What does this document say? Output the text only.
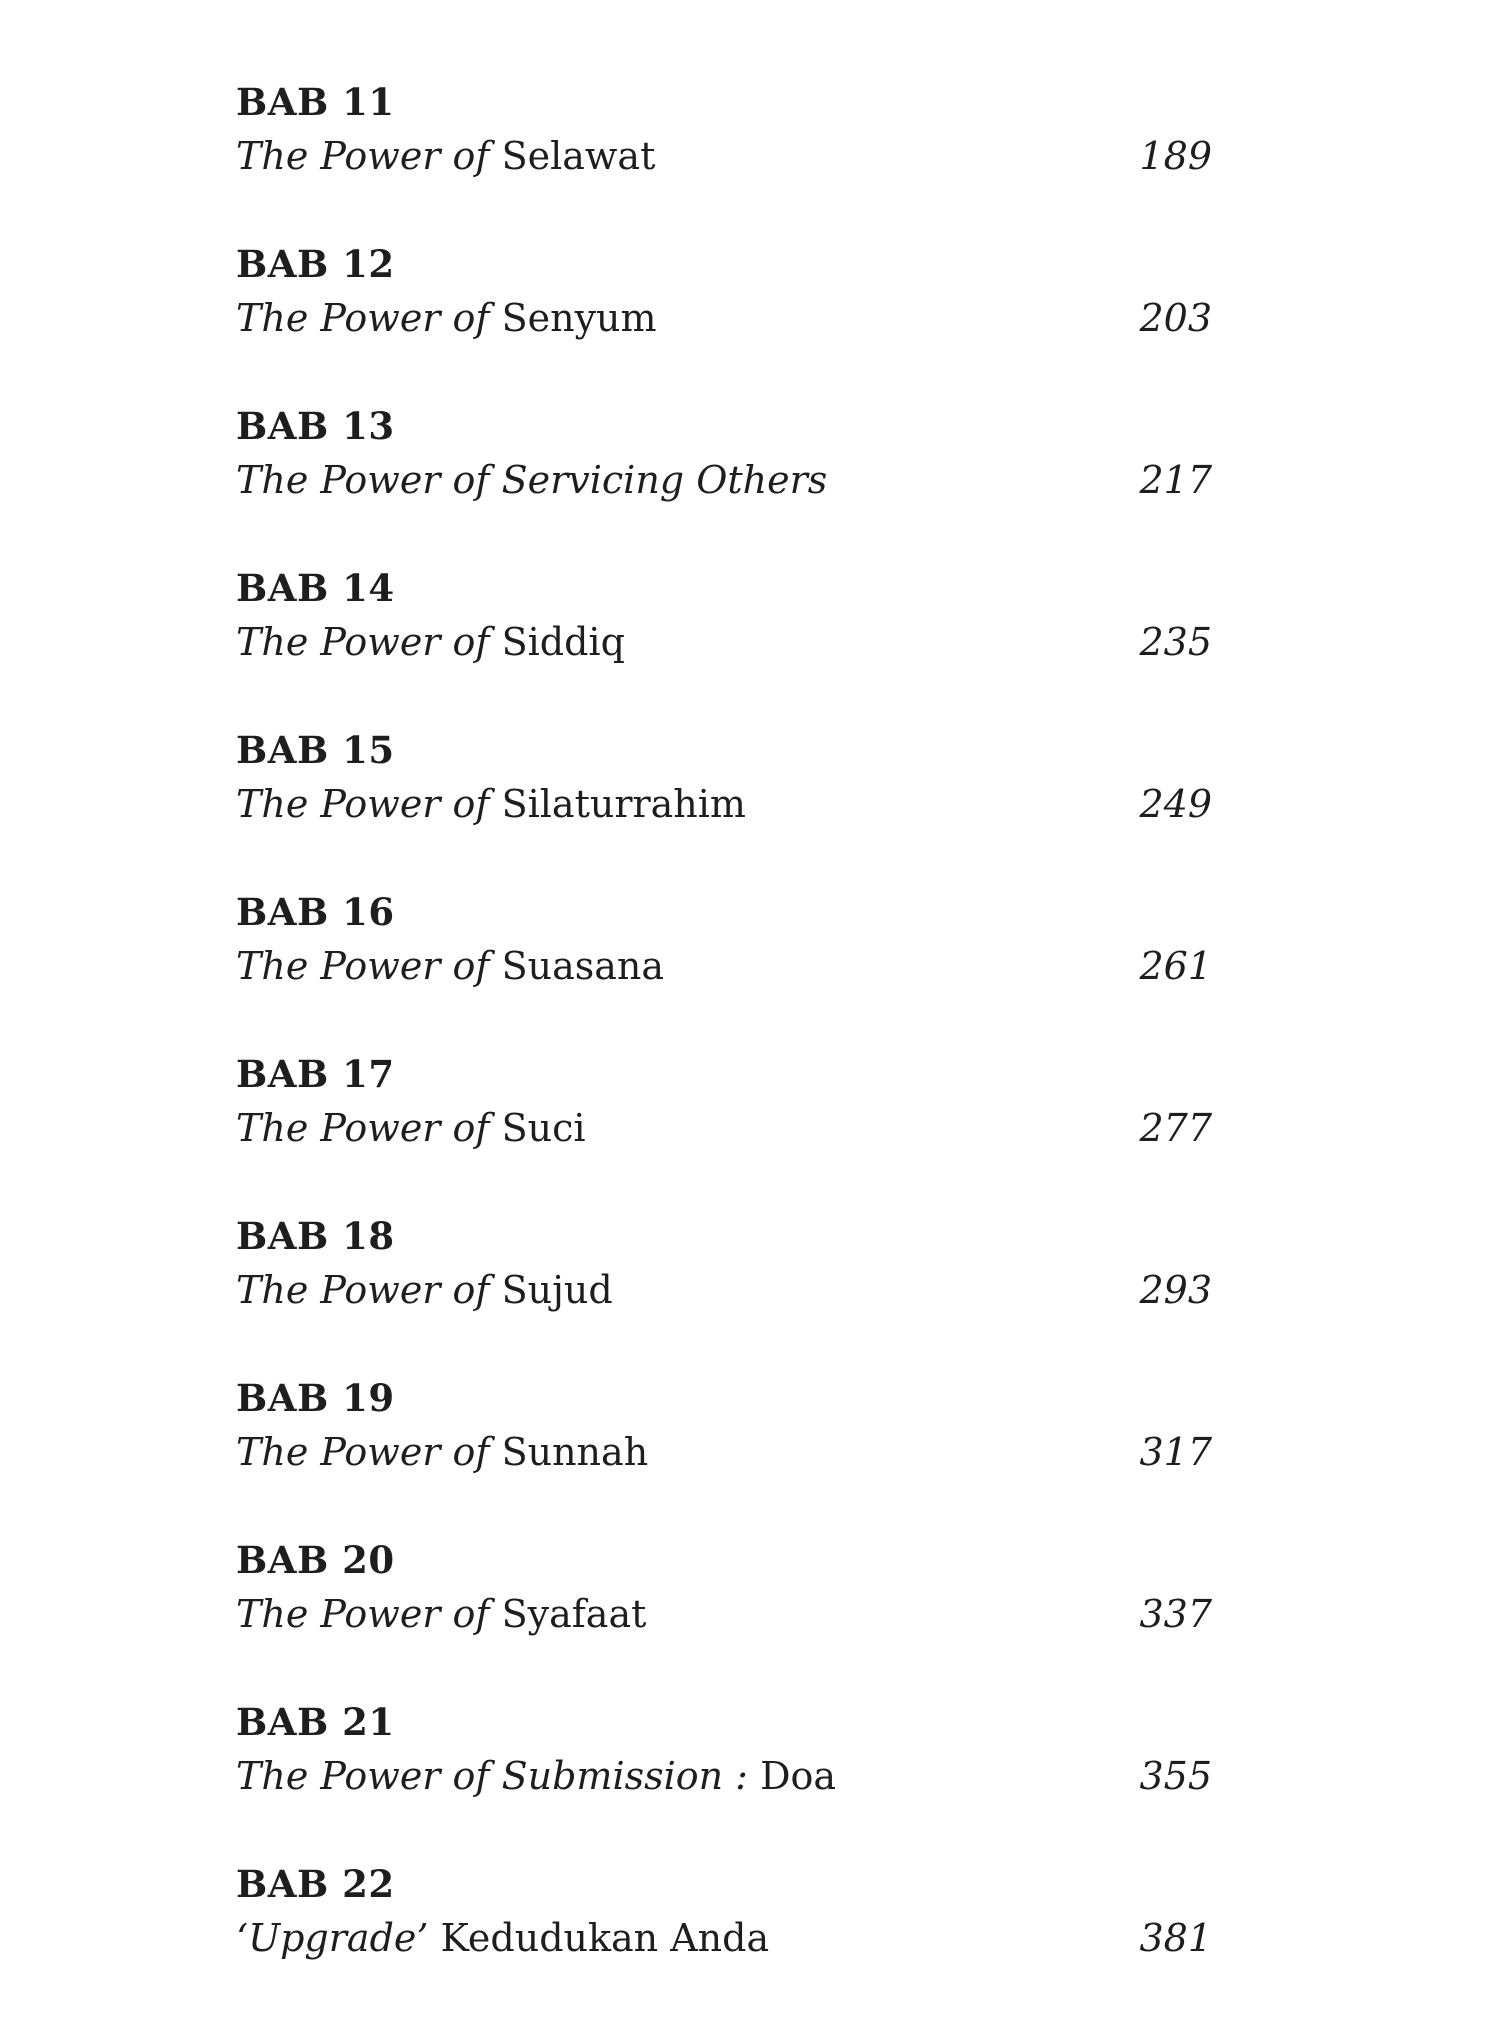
BAB 11
The Power of Selawat	189
BAB 12
The Power of Senyum	203
BAB 13
The Power of Servicing Others	217
BAB 14
The Power of Siddiq	235
BAB 15
The Power of Silaturrahim	249
BAB 16
The Power of Suasana	261
BAB 17
The Power of Suci	277
BAB 18
The Power of Sujud	293
BAB 19
The Power of Sunnah	317
BAB 20
The Power of Syafaat	337
BAB 21
The Power of Submission : Doa	355
BAB 22
‘Upgrade’ Kedudukan Anda	381
